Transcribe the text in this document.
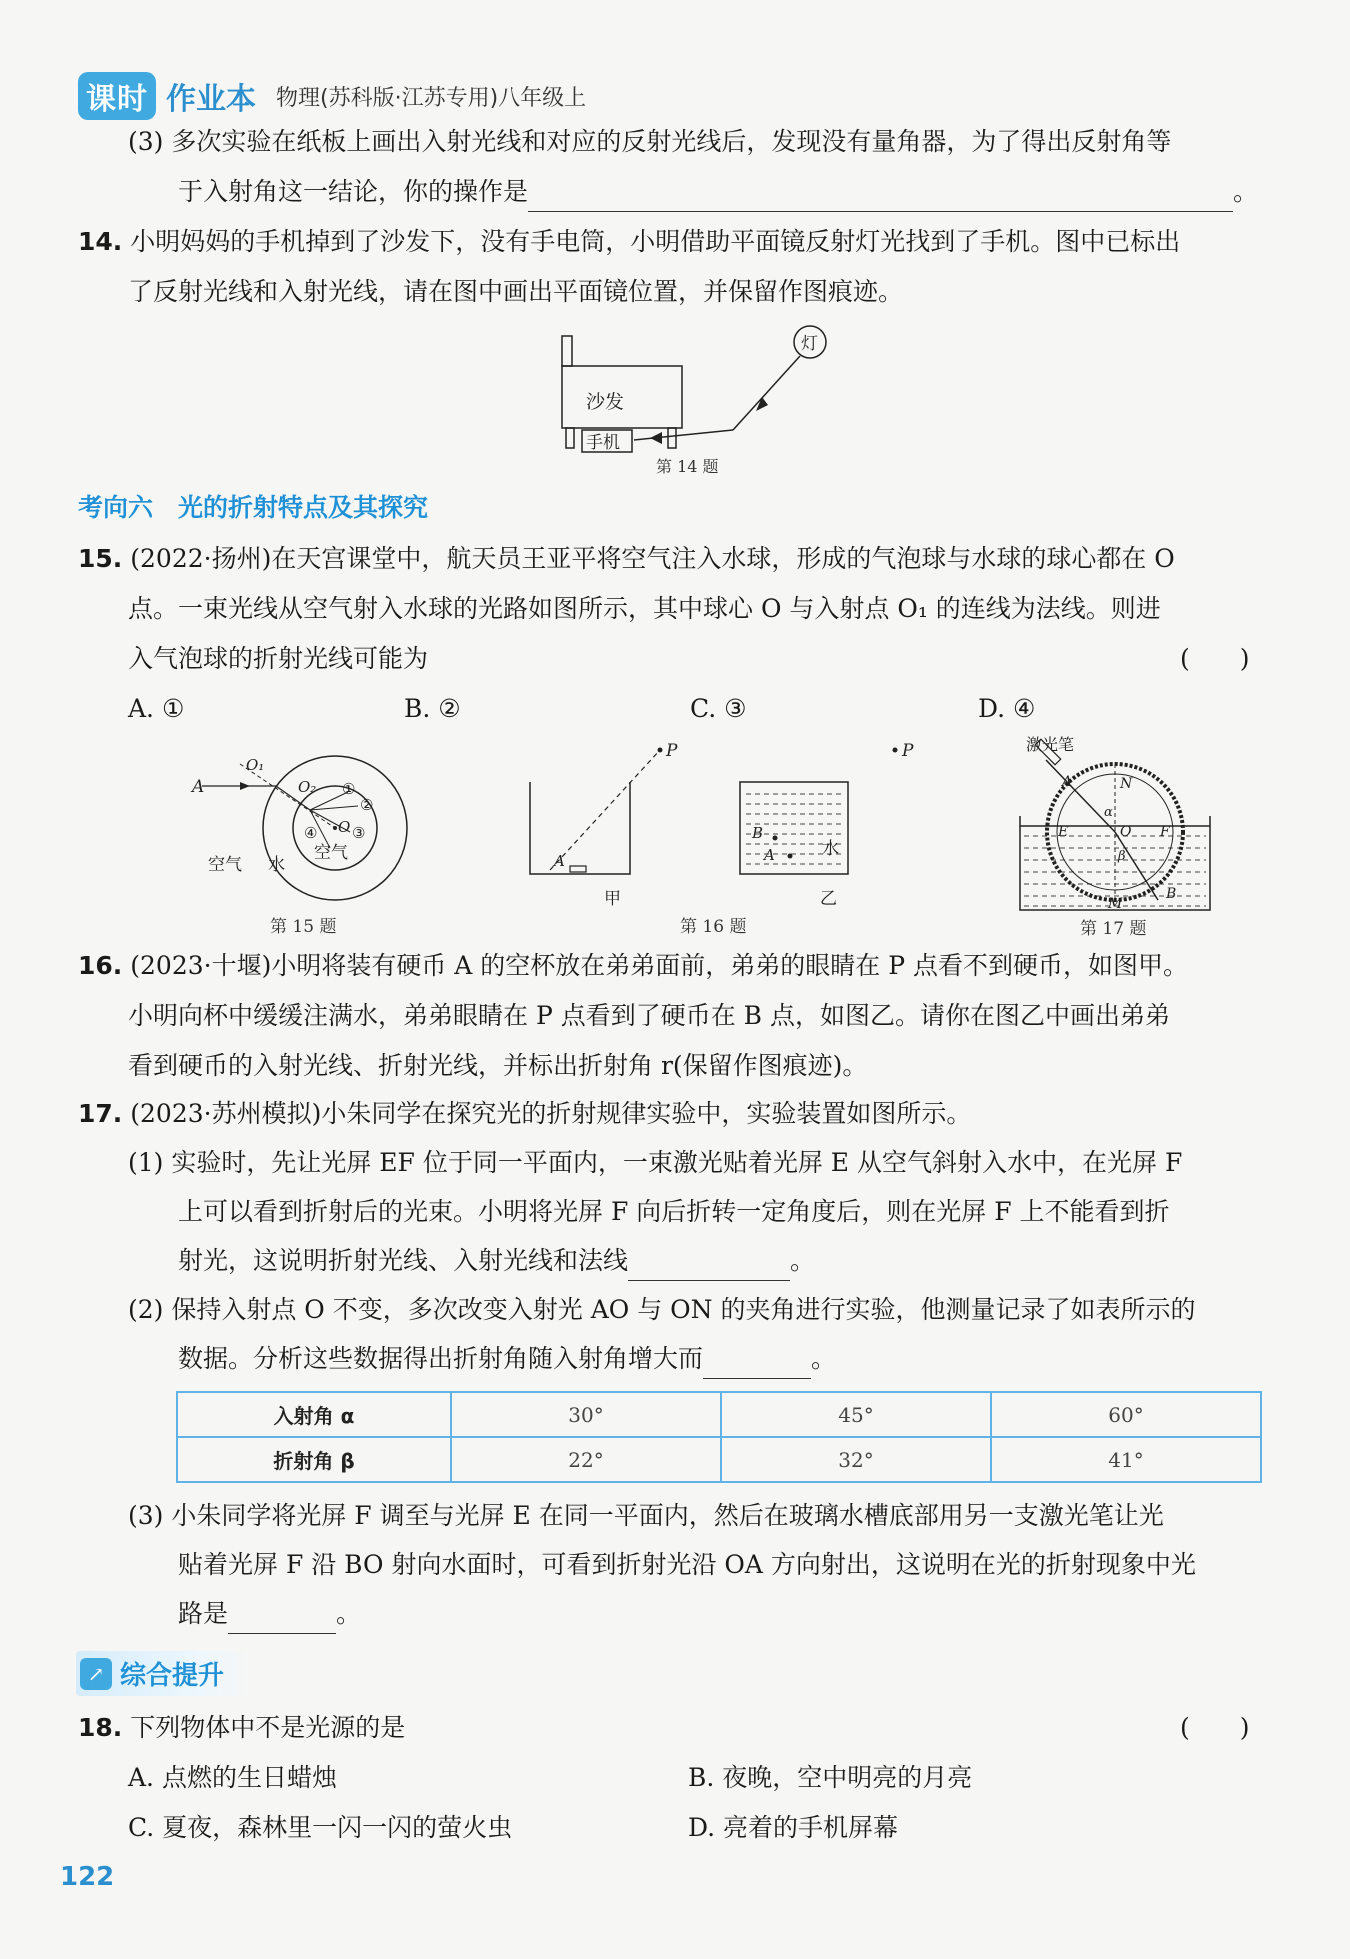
课时 作业本 物理(苏科版·江苏专用)八年级上
(3) 多次实验在纸板上画出入射光线和对应的反射光线后，发现没有量角器，为了得出反射角等
于入射角这一结论，你的操作是	。
14. 小明妈妈的手机掉到了沙发下，没有手电筒，小明借助平面镜反射灯光找到了手机。图中已标出
了反射光线和入射光线，请在图中画出平面镜位置，并保留作图痕迹。
沙发
手机
灯
第 14 题
考向六　光的折射特点及其探究
15. (2022·扬州)在天宫课堂中，航天员王亚平将空气注入水球，形成的气泡球与水球的球心都在 O
点。一束光线从空气射入水球的光路如图所示，其中球心 O 与入射点 O₁ 的连线为法线。则进
入气泡球的折射光线可能为	(　　)
A. ①	B. ②	C. ③	D. ④
A
O₁
O₂
O
①
②
③
④
空气 水
空气
第 15 题
P
A
甲
P
B
A	水
乙
第 16 题
激光笔
A	N
α
E	O F
β
M
B
第 17 题
16. (2023·十堰)小明将装有硬币 A 的空杯放在弟弟面前，弟弟的眼睛在 P 点看不到硬币，如图甲。
小明向杯中缓缓注满水，弟弟眼睛在 P 点看到了硬币在 B 点，如图乙。请你在图乙中画出弟弟
看到硬币的入射光线、折射光线，并标出折射角 r(保留作图痕迹)。
17. (2023·苏州模拟)小朱同学在探究光的折射规律实验中，实验装置如图所示。
(1) 实验时，先让光屏 EF 位于同一平面内，一束激光贴着光屏 E 从空气斜射入水中，在光屏 F
上可以看到折射后的光束。小明将光屏 F 向后折转一定角度后，则在光屏 F 上不能看到折
射光，这说明折射光线、入射光线和法线	。
(2) 保持入射点 O 不变，多次改变入射光 AO 与 ON 的夹角进行实验，他测量记录了如表所示的
数据。分析这些数据得出折射角随入射角增大而	。
入射角 α	30°	45°	60°
折射角 β	22°	32°	41°
(3) 小朱同学将光屏 F 调至与光屏 E 在同一平面内，然后在玻璃水槽底部用另一支激光笔让光
贴着光屏 F 沿 BO 射向水面时，可看到折射光沿 OA 方向射出，这说明在光的折射现象中光
路是	。
↗ 综合提升
18. 下列物体中不是光源的是	(　　)
A. 点燃的生日蜡烛	B. 夜晚，空中明亮的月亮
C. 夏夜，森林里一闪一闪的萤火虫	D. 亮着的手机屏幕
122
